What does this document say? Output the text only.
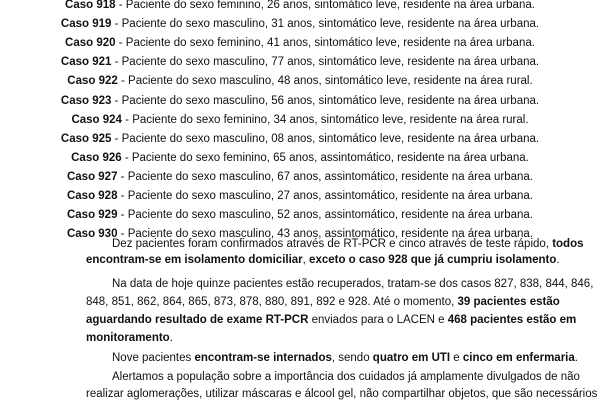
Caso 918 - Paciente do sexo feminino, 26 anos, sintomático leve, residente na área urbana.
Caso 919 - Paciente do sexo masculino, 31 anos, sintomático leve, residente na área urbana.
Caso 920 - Paciente do sexo feminino, 41 anos, sintomático leve, residente na área urbana.
Caso 921 - Paciente do sexo masculino, 77 anos, sintomático leve, residente na área urbana.
Caso 922 - Paciente do sexo masculino, 48 anos, sintomático leve, residente na área rural.
Caso 923 - Paciente do sexo masculino, 56 anos, sintomático leve, residente na área urbana.
Caso 924 - Paciente do sexo feminino, 34 anos, sintomático leve, residente na área rural.
Caso 925 - Paciente do sexo masculino, 08 anos, sintomático leve, residente na área urbana.
Caso 926 - Paciente do sexo feminino, 65 anos, assintomático, residente na área urbana.
Caso 927 - Paciente do sexo masculino, 67 anos, assintomático, residente na área urbana.
Caso 928 - Paciente do sexo masculino, 27 anos, assintomático, residente na área urbana.
Caso 929 - Paciente do sexo masculino, 52 anos, assintomático, residente na área urbana.
Caso 930 - Paciente do sexo masculino, 43 anos, assintomático, residente na área urbana.
Dez pacientes foram confirmados através de RT-PCR e cinco através de teste rápido, todos
encontram-se em isolamento domiciliar, exceto o caso 928 que já cumpriu isolamento.
Na data de hoje quinze pacientes estão recuperados, tratam-se dos casos 827, 838, 844, 846,
848, 851, 862, 864, 865, 873, 878, 880, 891, 892 e 928. Até o momento, 39 pacientes estão
aguardando resultado de exame RT-PCR enviados para o LACEN e 468 pacientes estão em
monitoramento.
Nove pacientes encontram-se internados, sendo quatro em UTI e cinco em enfermaria.
Alertamos a população sobre a importância dos cuidados já amplamente divulgados de não
realizar aglomerações, utilizar máscaras e álcool gel, não compartilhar objetos, que são necessários
